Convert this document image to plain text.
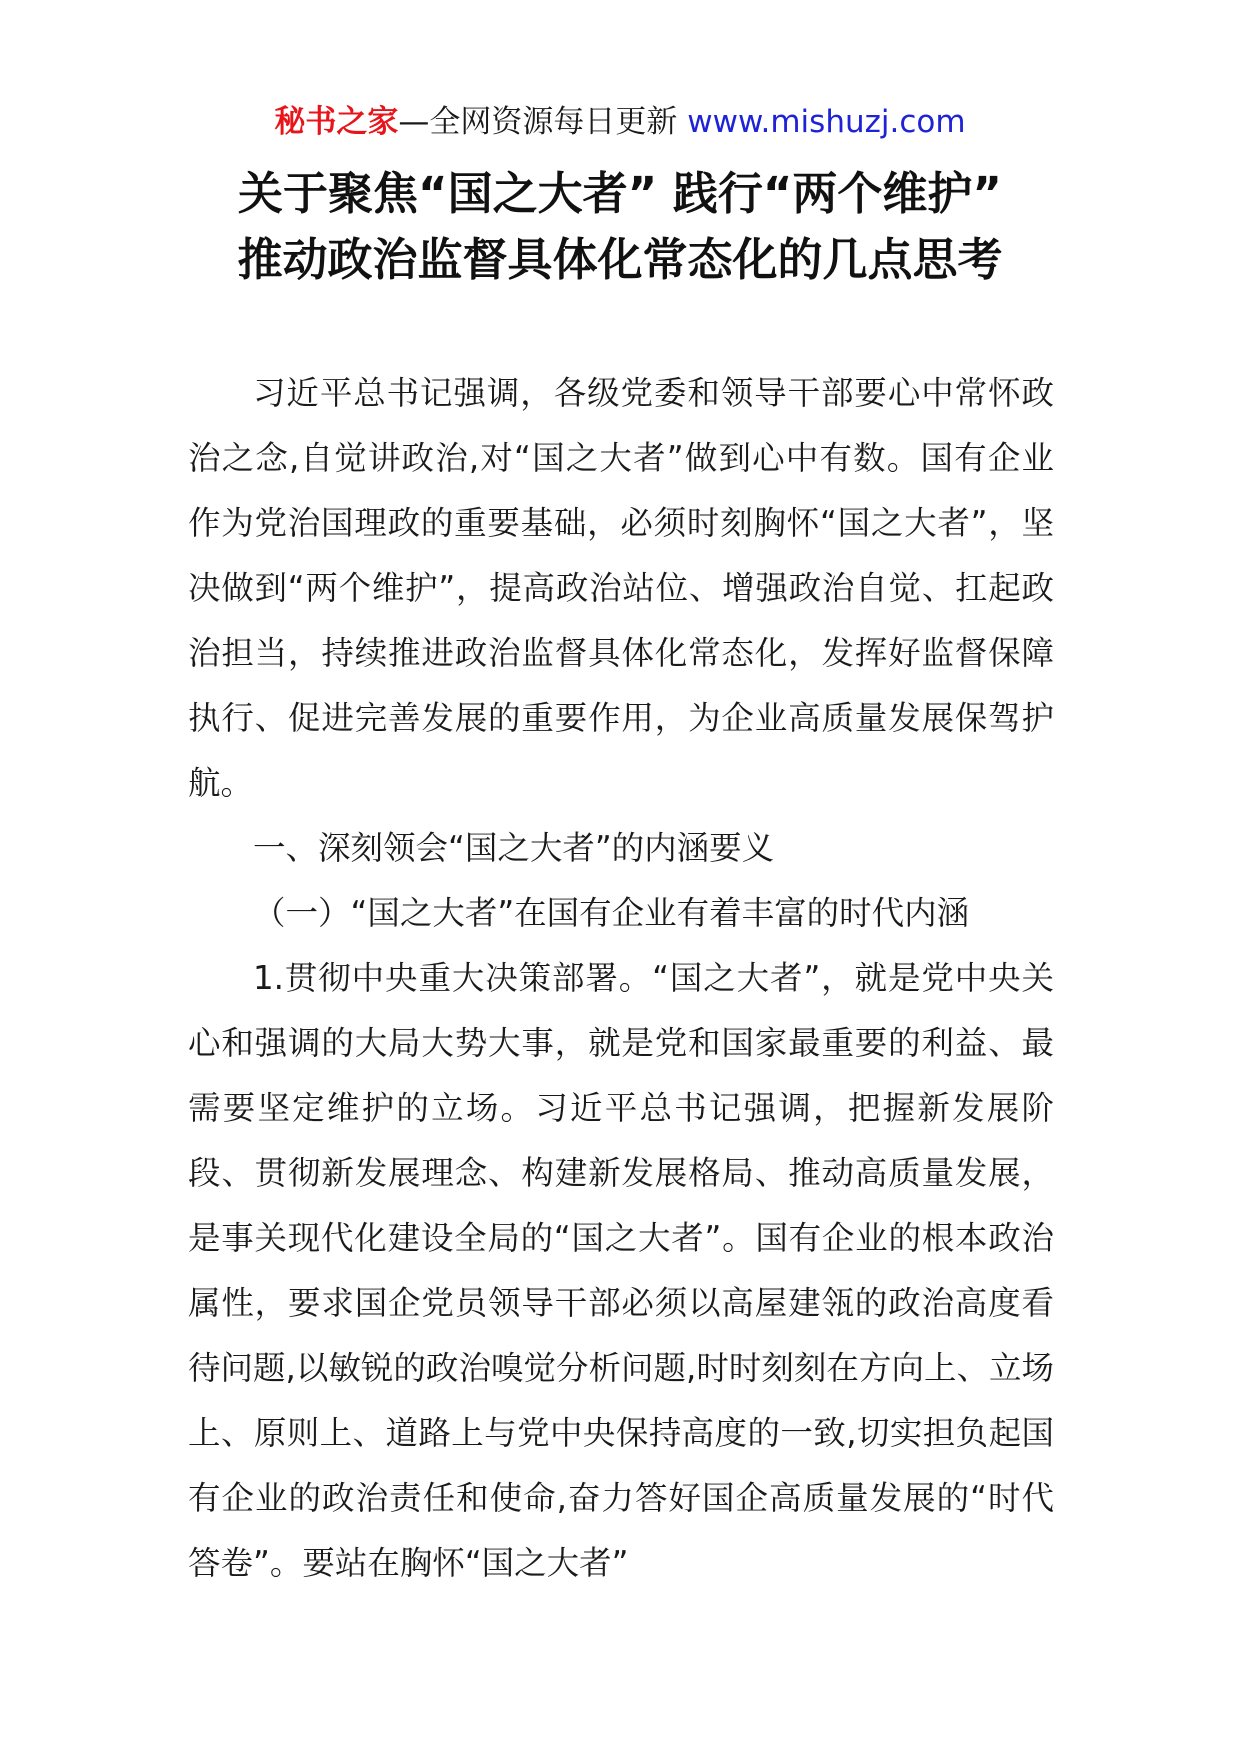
秘书之家—全网资源每日更新 www.mishuzj.com
关于聚焦“国之大者” 践行“两个维护”
推动政治监督具体化常态化的几点思考

习近平总书记强调，各级党委和领导干部要心中常怀政治之念,自觉讲政治,对“国之大者”做到心中有数。国有企业作为党治国理政的重要基础，必须时刻胸怀“国之大者”，坚决做到“两个维护”，提高政治站位、增强政治自觉、扛起政治担当，持续推进政治监督具体化常态化，发挥好监督保障执行、促进完善发展的重要作用，为企业高质量发展保驾护航。

一、深刻领会“国之大者”的内涵要义

（一）“国之大者”在国有企业有着丰富的时代内涵

1.贯彻中央重大决策部署。“国之大者”，就是党中央关心和强调的大局大势大事，就是党和国家最重要的利益、最需要坚定维护的立场。习近平总书记强调，把握新发展阶段、贯彻新发展理念、构建新发展格局、推动高质量发展，是事关现代化建设全局的“国之大者”。国有企业的根本政治属性，要求国企党员领导干部必须以高屋建瓴的政治高度看待问题,以敏锐的政治嗅觉分析问题,时时刻刻在方向上、立场上、原则上、道路上与党中央保持高度的一致,切实担负起国有企业的政治责任和使命,奋力答好国企高质量发展的“时代答卷”。要站在胸怀“国之大者”
